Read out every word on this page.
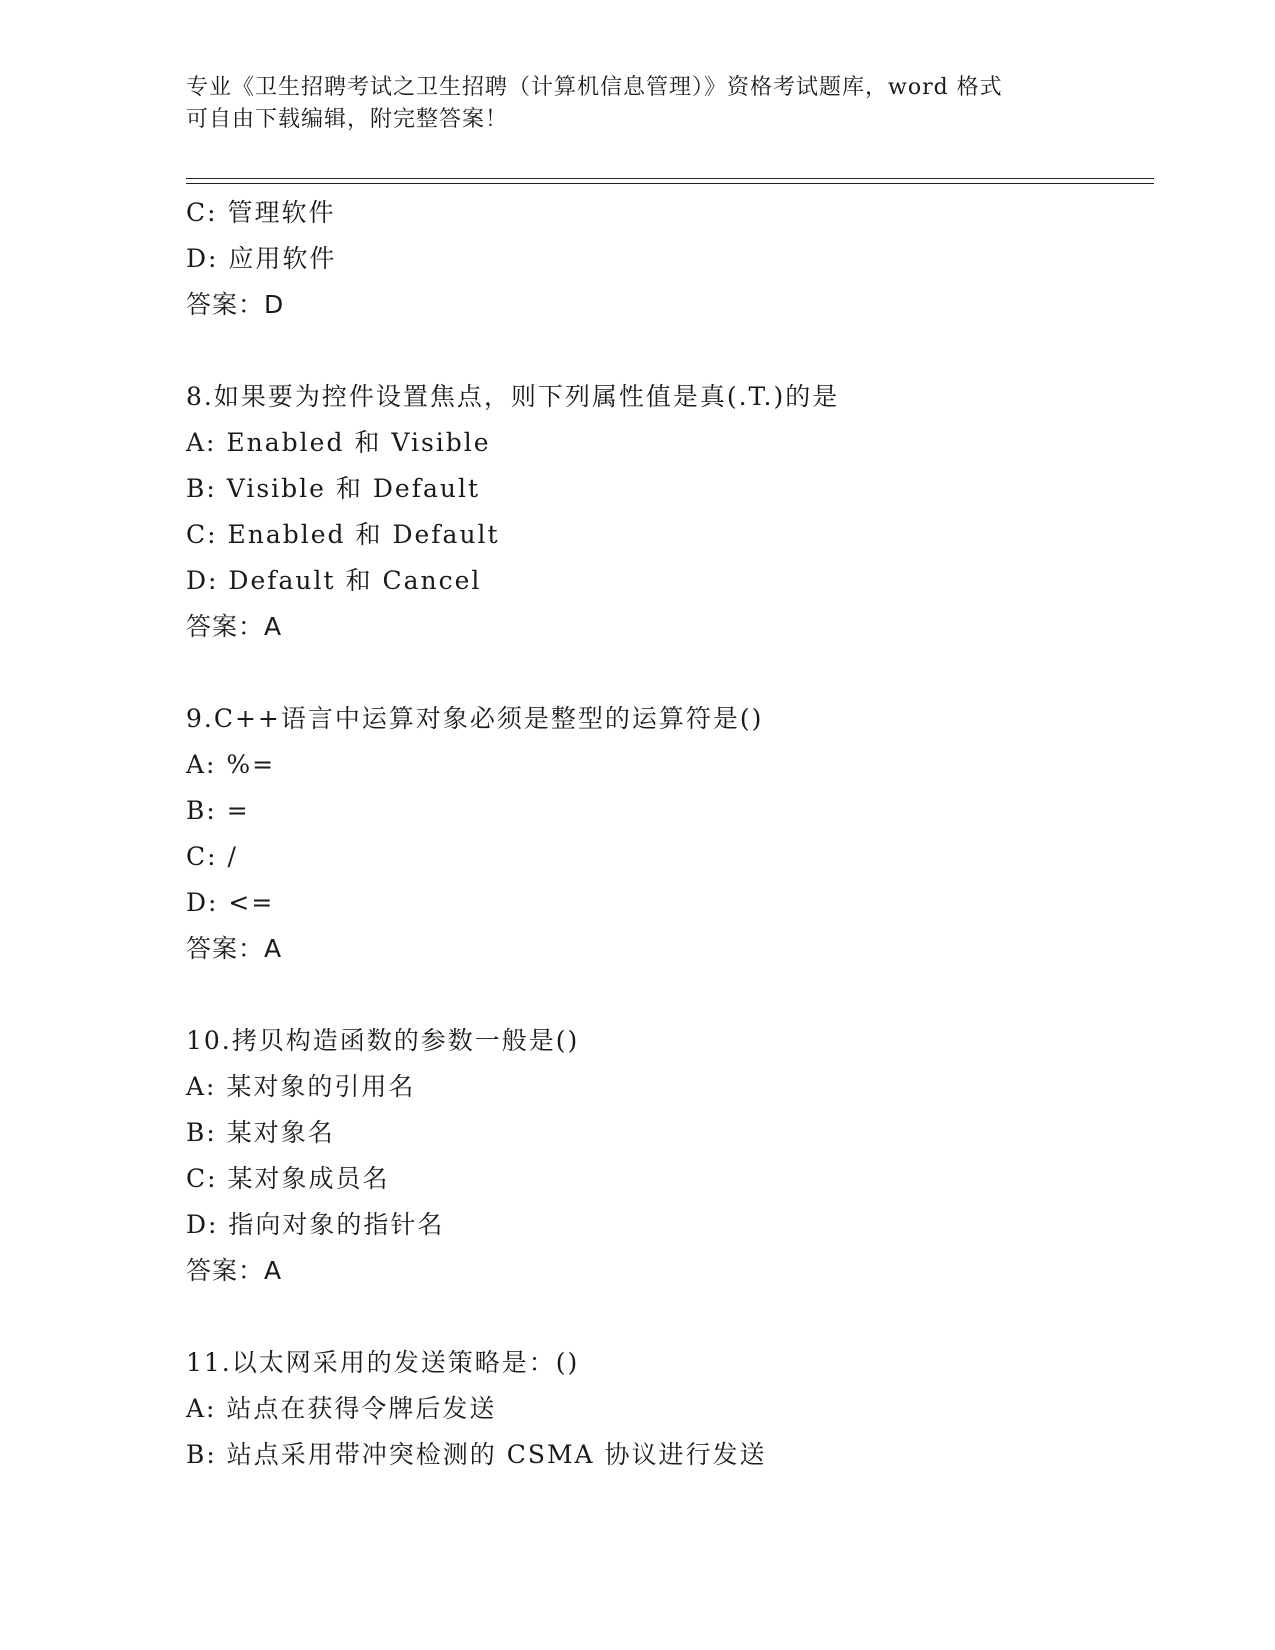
专业《卫生招聘考试之卫生招聘（计算机信息管理）》资格考试题库，word 格式
可自由下载编辑，附完整答案！
C: 管理软件
D: 应用软件
答案：D
8.如果要为控件设置焦点，则下列属性值是真(.T.)的是
A: Enabled 和 Visible
B: Visible 和 Default
C: Enabled 和 Default
D: Default 和 Cancel
答案：A
9.C++语言中运算对象必须是整型的运算符是()
A: %=
B: =
C: /
D: <=
答案：A
10.拷贝构造函数的参数一般是()
A: 某对象的引用名
B: 某对象名
C: 某对象成员名
D: 指向对象的指针名
答案：A
11.以太网采用的发送策略是：()
A: 站点在获得令牌后发送
B: 站点采用带冲突检测的 CSMA 协议进行发送
